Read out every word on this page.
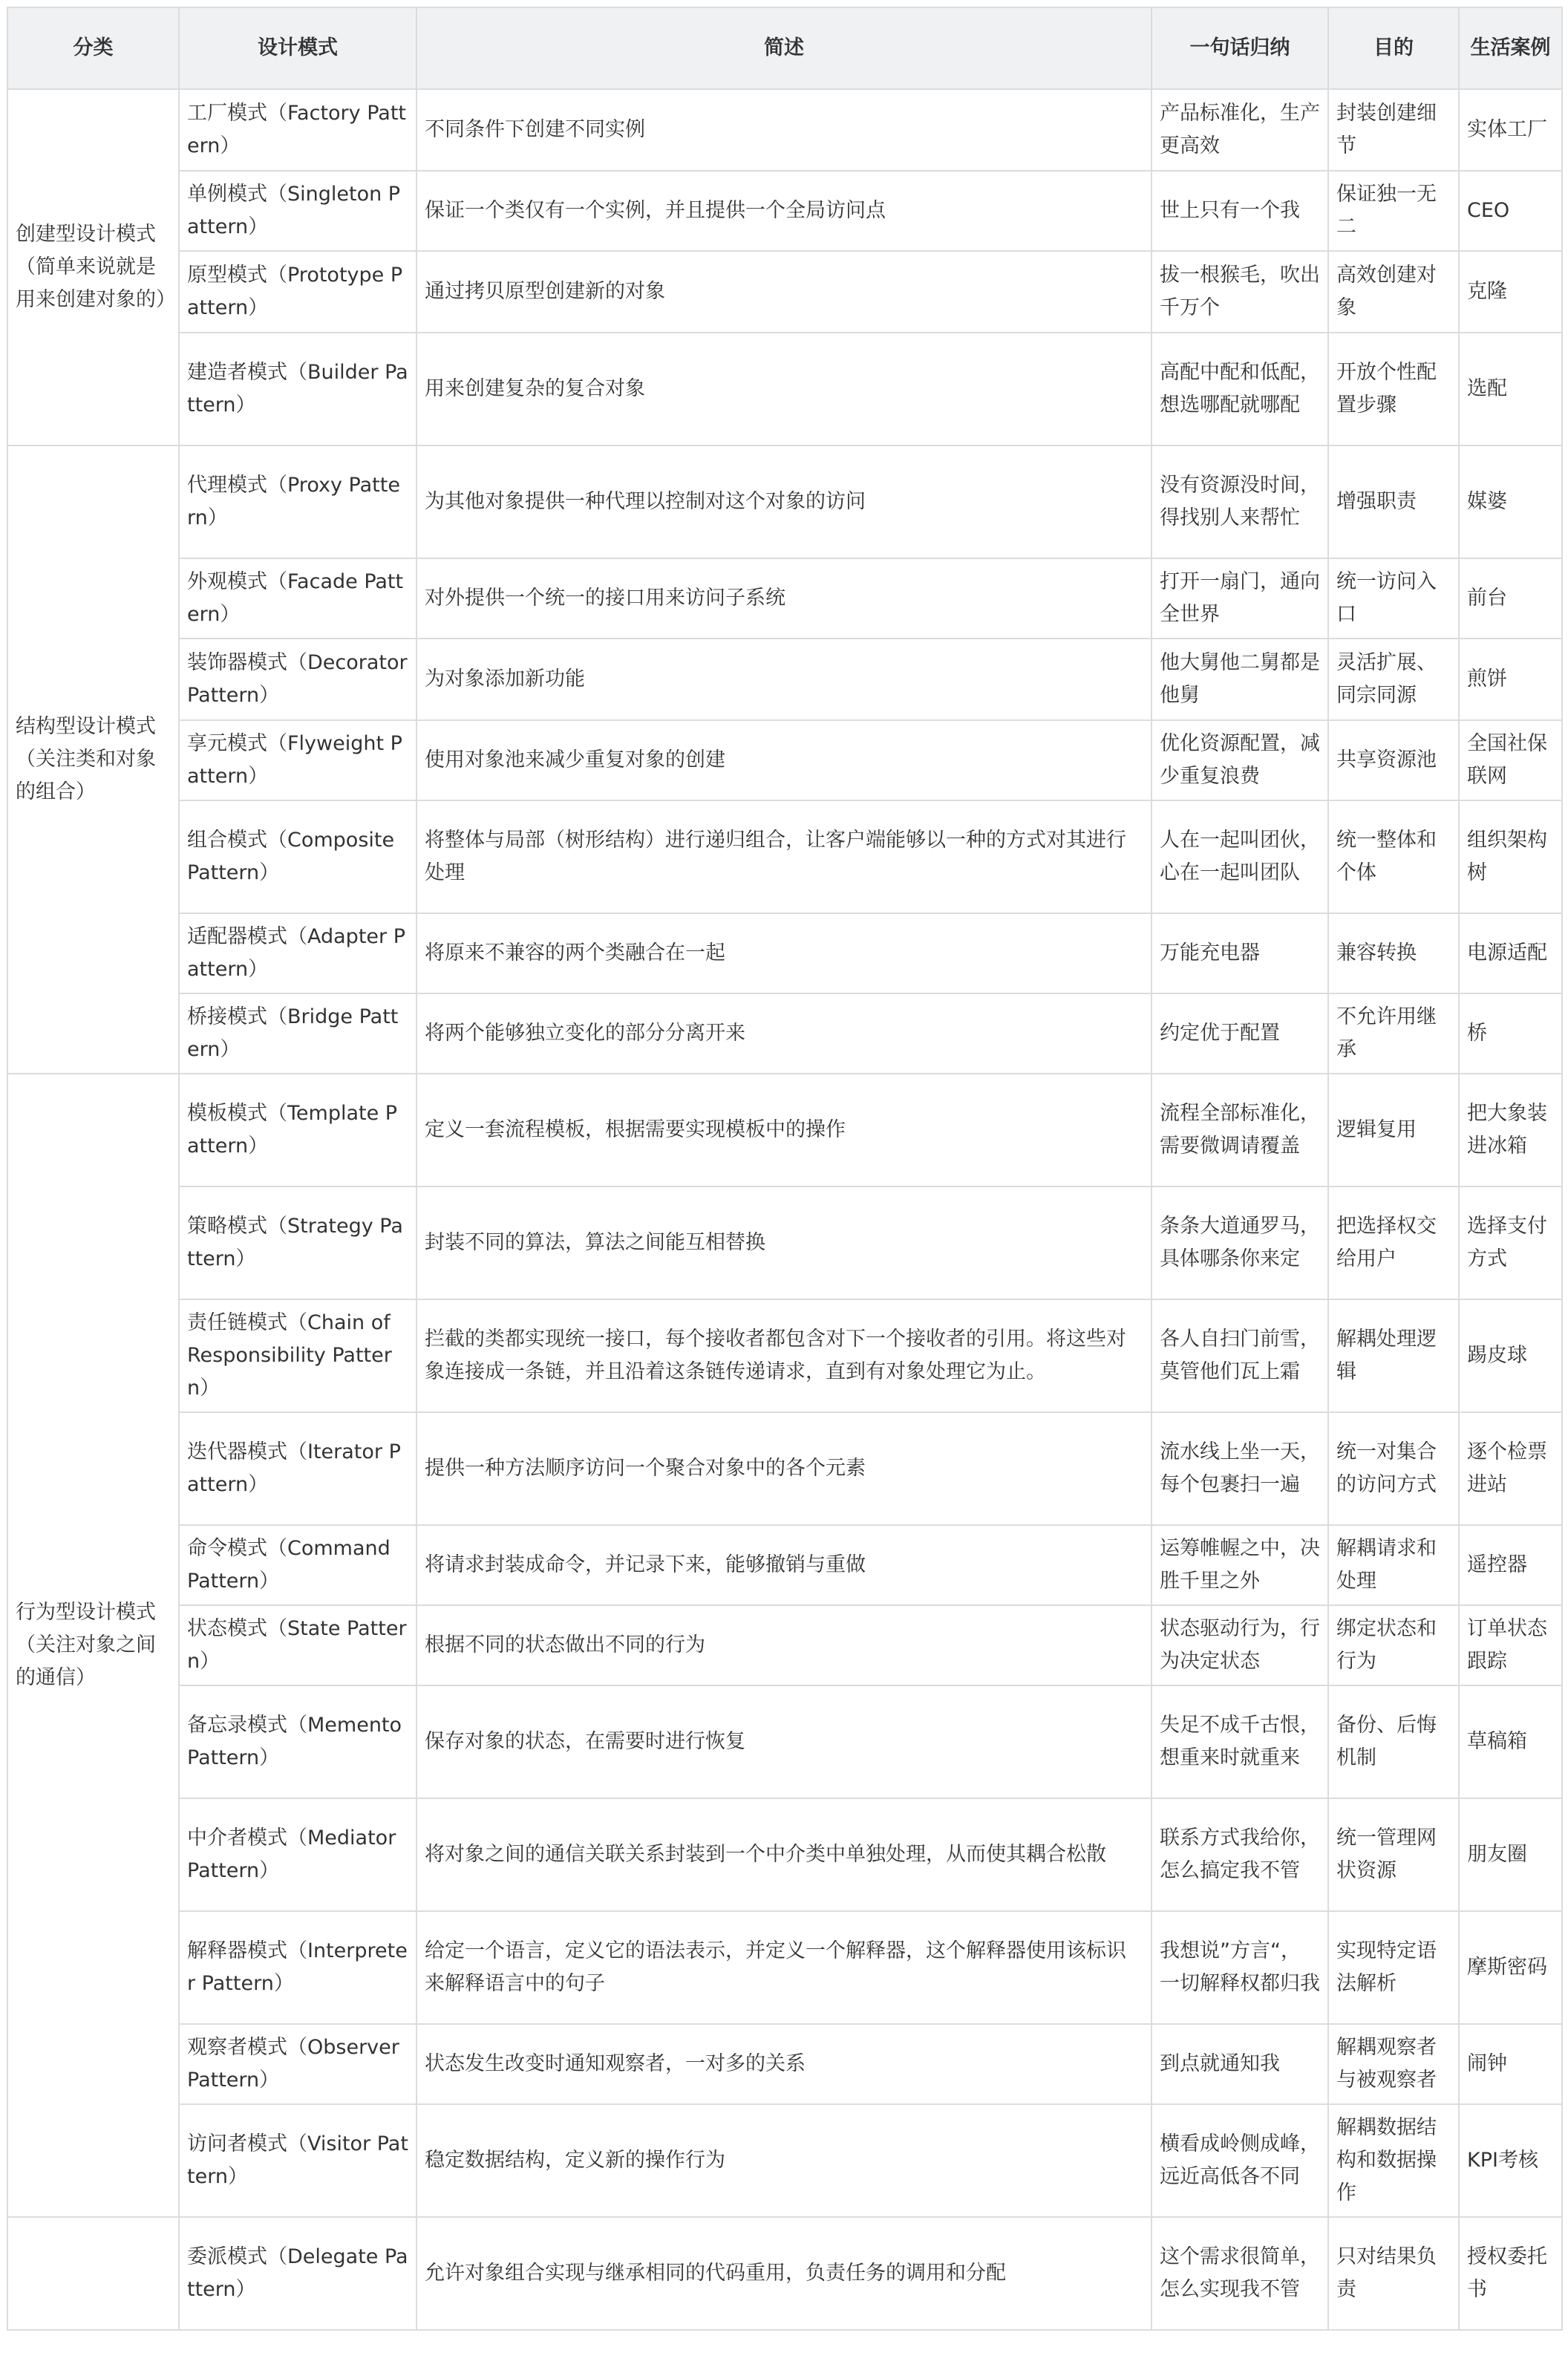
分类	设计模式	简述	一句话归纳	目的	生活案例
创建型设计模式（简单来说就是用来创建对象的）	工厂模式（Factory Pattern）	不同条件下创建不同实例	产品标准化，生产更高效	封装创建细节	实体工厂
	单例模式（Singleton Pattern）	保证一个类仅有一个实例，并且提供一个全局访问点	世上只有一个我	保证独一无二	CEO
	原型模式（Prototype Pattern）	通过拷贝原型创建新的对象	拔一根猴毛，吹出千万个	高效创建对象	克隆
	建造者模式（Builder Pattern）	用来创建复杂的复合对象	高配中配和低配，想选哪配就哪配	开放个性配置步骤	选配
结构型设计模式（关注类和对象的组合）	代理模式（Proxy Pattern）	为其他对象提供一种代理以控制对这个对象的访问	没有资源没时间，得找别人来帮忙	增强职责	媒婆
	外观模式（Facade Pattern）	对外提供一个统一的接口用来访问子系统	打开一扇门，通向全世界	统一访问入口	前台
	装饰器模式（Decorator Pattern）	为对象添加新功能	他大舅他二舅都是他舅	灵活扩展、同宗同源	煎饼
	享元模式（Flyweight Pattern）	使用对象池来减少重复对象的创建	优化资源配置，减少重复浪费	共享资源池	全国社保联网
	组合模式（Composite Pattern）	将整体与局部（树形结构）进行递归组合，让客户端能够以一种的方式对其进行处理	人在一起叫团伙，心在一起叫团队	统一整体和个体	组织架构树
	适配器模式（Adapter Pattern）	将原来不兼容的两个类融合在一起	万能充电器	兼容转换	电源适配
	桥接模式（Bridge Pattern）	将两个能够独立变化的部分分离开来	约定优于配置	不允许用继承	桥
行为型设计模式（关注对象之间的通信）	模板模式（Template Pattern）	定义一套流程模板，根据需要实现模板中的操作	流程全部标准化，需要微调请覆盖	逻辑复用	把大象装进冰箱
	策略模式（Strategy Pattern）	封装不同的算法，算法之间能互相替换	条条大道通罗马，具体哪条你来定	把选择权交给用户	选择支付方式
	责任链模式（Chain of Responsibility Pattern）	拦截的类都实现统一接口，每个接收者都包含对下一个接收者的引用。将这些对象连接成一条链，并且沿着这条链传递请求，直到有对象处理它为止。	各人自扫门前雪，莫管他们瓦上霜	解耦处理逻辑	踢皮球
	迭代器模式（Iterator Pattern）	提供一种方法顺序访问一个聚合对象中的各个元素	流水线上坐一天，每个包裹扫一遍	统一对集合的访问方式	逐个检票进站
	命令模式（Command Pattern）	将请求封装成命令，并记录下来，能够撤销与重做	运筹帷幄之中，决胜千里之外	解耦请求和处理	遥控器
	状态模式（State Pattern）	根据不同的状态做出不同的行为	状态驱动行为，行为决定状态	绑定状态和行为	订单状态跟踪
	备忘录模式（Memento Pattern）	保存对象的状态，在需要时进行恢复	失足不成千古恨，想重来时就重来	备份、后悔机制	草稿箱
	中介者模式（Mediator Pattern）	将对象之间的通信关联关系封装到一个中介类中单独处理，从而使其耦合松散	联系方式我给你，怎么搞定我不管	统一管理网状资源	朋友圈
	解释器模式（Interpreter Pattern）	给定一个语言，定义它的语法表示，并定义一个解释器，这个解释器使用该标识来解释语言中的句子	我想说”方言“，一切解释权都归我	实现特定语法解析	摩斯密码
	观察者模式（Observer Pattern）	状态发生改变时通知观察者，一对多的关系	到点就通知我	解耦观察者与被观察者	闹钟
	访问者模式（Visitor Pattern）	稳定数据结构，定义新的操作行为	横看成岭侧成峰，远近高低各不同	解耦数据结构和数据操作	KPI考核
	委派模式（Delegate Pattern）	允许对象组合实现与继承相同的代码重用，负责任务的调用和分配	这个需求很简单，怎么实现我不管	只对结果负责	授权委托书
